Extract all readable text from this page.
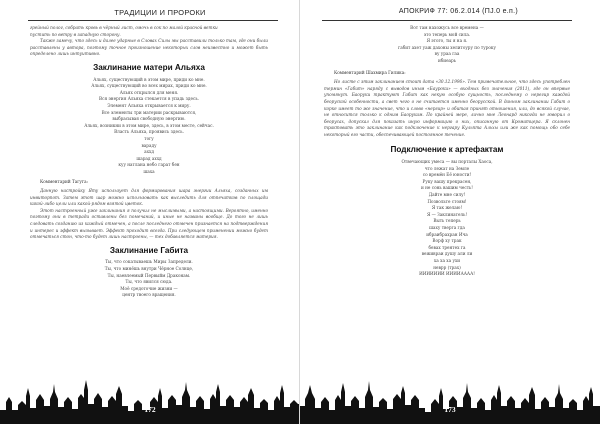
ТРАДИЦИИ И ПРОРОКИ

грейный полог, собрать кровь в чёрный лист, омочь в сок по малой красной ветки

пустить по ветру в западную сторону.

Также замечу, что здесь и далее ударные в Словах Силы мы расставили только там, где они были расставлены у автора, поэтому точное произношение некоторых слов неизвестно и может быть определено лишь интуитивно.

Заклинание матери Альяха

Альях, существующий в этом мире, приди ко мне.
Альях, существующий во всех мирах, приди ко мне.
Альях открылся для меня.
Вся энергия Альяха стекается в упадь здесь.
Элемент Альяха открывается к миру.
Все элементы три материи раскрываются,
выбрасывая свободную энергию.
Альях, возникни в этом мире, здесь, в этом месте, сейчас.
Власть Альяха, проявись здесь.
тогу
вараду
аххд
шарад аххд
куу натлана небо гарат бен
шаха

Комментарий Тагуга:

Данную настройку Яту использует для формирования шара энергии Альяха, созданных им инвиторпот. Затем этот шар можно использовать как выследить для отпечатков по площади какой-либо цели или какой-рядом взятой цветок.

Этот настроенный уже заклинания я получил не мыслимыми, а настоящими. Вероятно, именно поэтому они в тетради оставлены без помечаний, и иные не названы вообще. До того не лишь следовать созданию из каждый отмечен, а после последнего отмечен признается на подтверждения и интерес и эффект вызывает. Эффект проходит всегда. При следующем применении можно будет отмечаться стон, что-то будет лишь настроены, — тех добавляется материя.

Заклинание Габита

Ты, что сокатываешь Миры Запредели.
Ты, что минёшь внутри Чёрное Солнце,
Ты, наевлеемый Первыйм Драконам.
Ты, что явился сюда.
Моё средоточие жизни —
центр твоего вращения.
172
АПОКРИФ 77: 06.2.014 (ПЈ.0 е.п.)
Вот там нахожусь все времена —
это теперь мой сила.
Я этого, ты я на я.
габит ахет уаж дахоны хелитоуру по туроку
ву ураа гаа
ибиеарь

Комментарий Шахмира Гилика:

Но листе с этим заклинанием стоит дата «30.12.1996». Тем примечательное, что здесь употреблен термин «Габит» наряду с выводов иным «Бауроки» — входных без значения (2011), где он впервые упомянут. Баоруки трактуют Габит как некую особую сущность, последнему о нерегир каждой беоруской особенности, а свет чего о не считается именно беорусской. В данном заклинании Габит о корке имеет то же значение, что и слово «нергир» и обитая принят отношения, или, до всякой случае, не относится только к одним Баорукам. По крайней мере, лично мне Леонард никогда не говорил о беорусах, допускал для показать иную информацию о них, описанную от Кроматцера. Я склонен трактовать это заклинание как подключение к нергару Кульпта Альхы или же как помощь обо себе некоторый его части, обеспечивающей постоянное течение.

Подключение к артефактам

Отвечающих умеса — вы порталы Хаоса,
что лежат на Земле
со времён Её юности!
Руку вашу прекрасен,
и не сонь вашим честь!
Дайте мне силу!
Позвольте стоям!
Я так желаю!
Я — Заклинатель!
Выть теперь
шаху тверга гда
ибраибрахран Ича
Ворф ху трак
бевах трентех га
веживраи душу али ли
ха ха ха ухи
неврр (трах)
ИИИИИИИ ИИИИАААА!
173
